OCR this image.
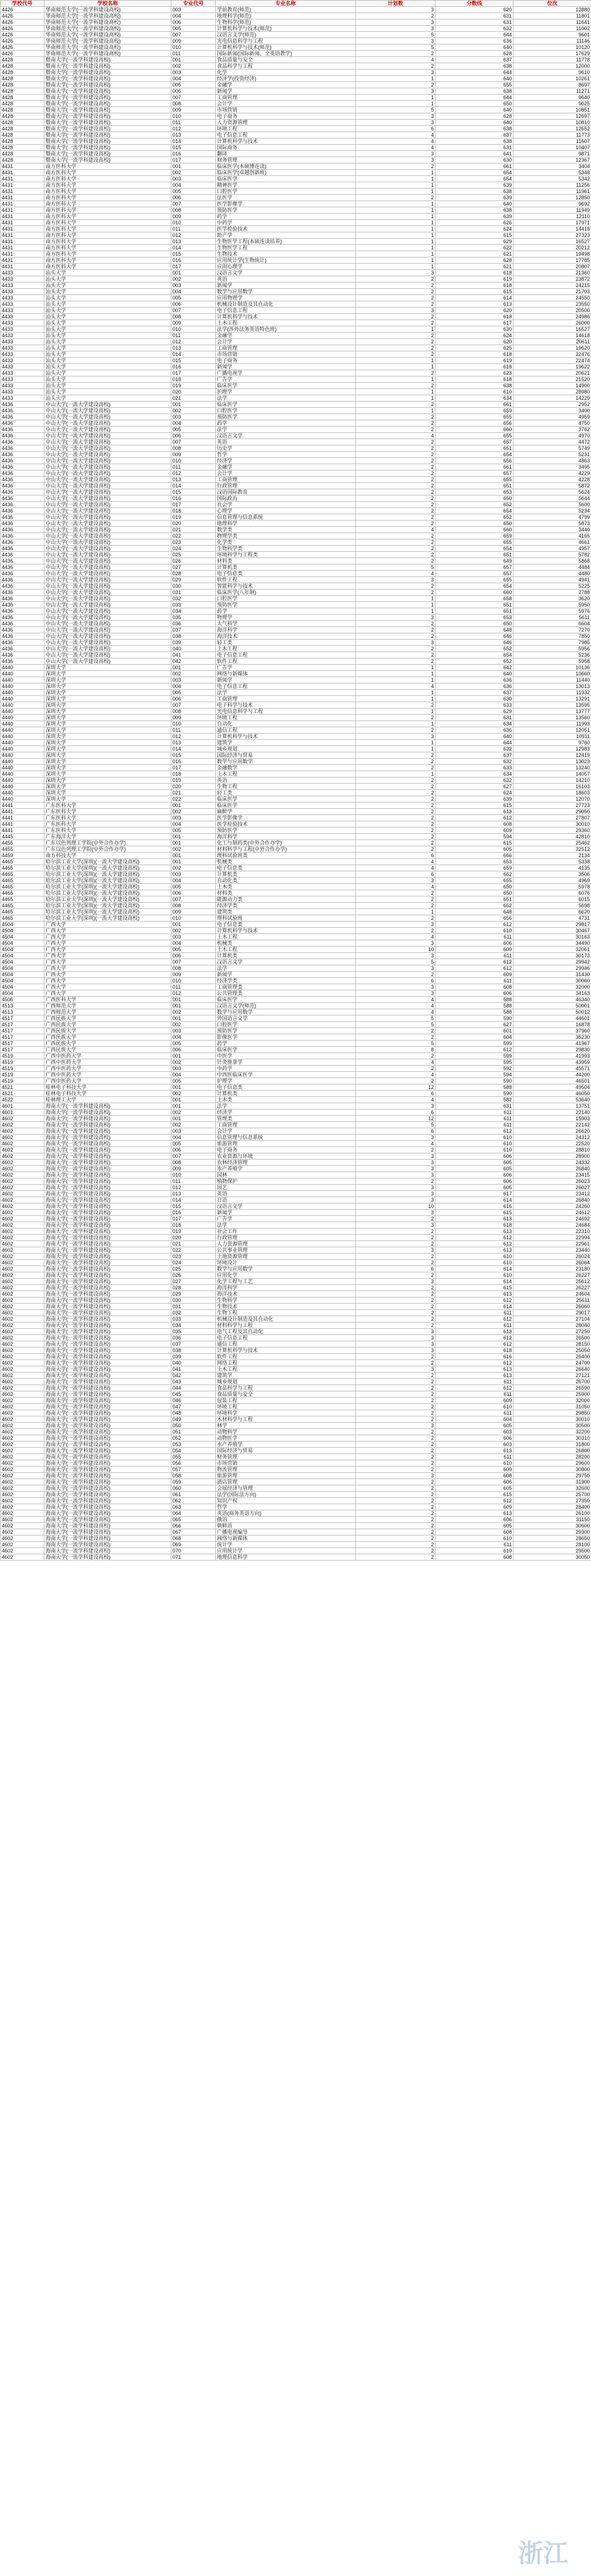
学校代号	学校名称	专业代号	专业名称	计划数	分数线	位次
4426	华南师范大学(一流学科建设高校)	003	学前教育(师范)	3	620	12880
4426	华南师范大学(一流学科建设高校)	004	地理科学(师范)	2	631	11801
4426	华南师范大学(一流学科建设高校)	006	生物科学(师范)	3	631	11641
4426	华南师范大学(一流学科建设高校)	005	计算机科学与技术(师范)	3	632	11002
4426	华南师范大学(一流学科建设高校)	007	汉语言文学(师范)	5	644	9601
4426	华南师范大学(一流学科建设高校)	009	光电信息科学与工程	3	636	11146
4426	华南师范大学(一流学科建设高校)	010	计算机科学与技术(师范)	5	640	10120
4426	华南师范大学(一流学科建设高校)	011	国际新闻(国际新闻、全英语教学)	2	628	17629
4428	暨南大学(一流学科建设高校)	001	食品质量与安全	4	637	11778
4428	暨南大学(一流学科建设高校)	002	食品科学与工程	2	638	12000
4428	暨南大学(一流学科建设高校)	003	化学	3	644	9610
4428	暨南大学(一流学科建设高校)	004	经济学(投资经济)	1	640	10261
4428	暨南大学(一流学科建设高校)	005	金融学	2	655	8697
4428	暨南大学(一流学科建设高校)	006	新闻学	3	638	11271
4428	暨南大学(一流学科建设高校)	007	工商管理	1	644	9640
4428	暨南大学(一流学科建设高校)	008	会计学	1	650	9025
4428	暨南大学(一流学科建设高校)	009	市场营销	5	640	10851
4428	暨南大学(一流学科建设高校)	010	电子商务	3	628	12697
4428	暨南大学(一流学科建设高校)	011	人力资源管理	3	640	10810
4428	暨南大学(一流学科建设高校)	012	环境工程	6	638	12652
4428	暨南大学(一流学科建设高校)	013	电子信息工程	4	637	11773
4428	暨南大学(一流学科建设高校)	014	计算机科学与技术	4	638	11607
4428	暨南大学(一流学科建设高校)	015	国际商务	4	631	10407
4428	暨南大学(一流学科建设高校)	016	翻译	3	641	9871
4428	暨南大学(一流学科建设高校)	017	财务管理	3	630	12367
4431	南方医科大学	001	临床医学(本硕博连读)	2	661	3404
4431	南方医科大学	002	临床医学(卓越创新班)	1	654	5348
4431	南方医科大学	003	临床医学	1	654	5342
4431	南方医科大学	004	精神医学	1	639	11256
4431	南方医科大学	005	口腔医学	1	638	11961
4431	南方医科大学	006	法医学	2	639	12850
4431	南方医科大学	007	医学影像学	1	640	9692
4431	南方医科大学	008	预防医学	1	638	11949
4431	南方医科大学	009	药学	1	639	12110
4431	南方医科大学	010	中药学	1	626	17971
4431	南方医科大学	011	医学检验技术	1	624	14418
4431	南方医科大学	012	助产学	1	615	27323
4431	南方医科大学	013	生物医学工程(本硕连读培养)	1	629	16527
4431	南方医科大学	014	生物医学工程	1	622	20212
4431	南方医科大学	015	生物技术	1	621	19498
4431	南方医科大学	016	应用统计学(生物统计)	1	628	17785
4431	南方医科大学	017	应用心理学	1	621	20807
4433	汕头大学	001	汉语言文学	3	618	21360
4433	汕头大学	002	英语	2	619	23872
4433	汕头大学	003	新闻学	2	618	24215
4433	汕头大学	004	数学与应用数学	2	615	21703
4433	汕头大学	005	应用物理学	2	614	24550
4433	汕头大学	006	机械设计制造及其自动化	2	613	23550
4433	汕头大学	007	电子信息工程	3	620	20500
4433	汕头大学	008	计算机科学与技术	2	618	24986
4433	汕头大学	009	土木工程	2	617	26000
4433	汕头大学	010	法学(涉外法务英语特色班)	1	630	16527
4433	汕头大学	011	金融学	2	624	14618
4433	汕头大学	012	会计学	2	620	20611
4433	汕头大学	013	工商管理	2	625	19620
4433	汕头大学	014	市场营销	2	618	22476
4433	汕头大学	015	电子商务	1	619	22474
4433	汕头大学	016	新闻学	1	618	19622
4433	汕头大学	017	广播电视学	2	623	20621
4433	汕头大学	018	广告学	1	618	21520
4433	汕头大学	019	临床医学	2	638	14900
4433	汕头大学	020	护理学	1	610	28980
4433	汕头大学	021	法学	1	634	14229
4436	中山大学(一流大学建设高校)	001	临床医学	2	661	2952
4436	中山大学(一流大学建设高校)	002	口腔医学	1	659	3400
4436	中山大学(一流大学建设高校)	003	预防医学	2	655	4959
4436	中山大学(一流大学建设高校)	004	药学	2	656	4750
4436	中山大学(一流大学建设高校)	005	法学	2	660	3762
4436	中山大学(一流大学建设高校)	006	汉语言文学	4	655	4970
4436	中山大学(一流大学建设高校)	007	英语	2	657	4472
4436	中山大学(一流大学建设高校)	008	历史学	2	651	5749
4436	中山大学(一流大学建设高校)	009	哲学	2	654	5231
4436	中山大学(一流大学建设高校)	010	经济学	2	656	4863
4436	中山大学(一流大学建设高校)	011	金融学	2	661	3495
4436	中山大学(一流大学建设高校)	012	会计学	2	657	4229
4436	中山大学(一流大学建设高校)	013	工商管理	2	655	4228
4436	中山大学(一流大学建设高校)	014	行政管理	2	651	5872
4436	中山大学(一流大学建设高校)	015	汉语国际教育	2	653	5624
4436	中山大学(一流大学建设高校)	016	国际政治	2	650	5644
4436	中山大学(一流大学建设高校)	017	社会学	2	652	5600
4436	中山大学(一流大学建设高校)	018	心理学	2	654	5234
4436	中山大学(一流大学建设高校)	019	信息管理与信息系统	2	652	4799
4436	中山大学(一流大学建设高校)	020	地理科学	2	650	5873
4436	中山大学(一流大学建设高校)	021	数学类	4	660	3440
4436	中山大学(一流大学建设高校)	022	物理学类	2	659	4165
4436	中山大学(一流大学建设高校)	023	化学类	2	655	4661
4436	中山大学(一流大学建设高校)	024	生物科学类	2	654	4957
4436	中山大学(一流大学建设高校)	025	环境科学与工程类	2	651	5782
4436	中山大学(一流大学建设高校)	026	材料类	2	649	5868
4436	中山大学(一流大学建设高校)	027	计算机类	5	657	4484
4436	中山大学(一流大学建设高校)	028	电子信息类	4	657	4480
4436	中山大学(一流大学建设高校)	029	软件工程	3	655	4941
4436	中山大学(一流大学建设高校)	030	智能科学与技术	2	654	5225
4436	中山大学(一流大学建设高校)	031	临床医学(八年制)	2	660	2788
4436	中山大学(一流大学建设高校)	032	口腔医学	1	658	3620
4436	中山大学(一流大学建设高校)	033	预防医学	1	651	5950
4436	中山大学(一流大学建设高校)	034	药学	1	651	5976
4436	中山大学(一流大学建设高校)	035	物理学	3	653	5611
4436	中山大学(一流大学建设高校)	036	大气科学	2	650	6604
4436	中山大学(一流大学建设高校)	037	海洋科学	2	648	7270
4436	中山大学(一流大学建设高校)	038	海洋技术	2	646	7850
4436	中山大学(一流大学建设高校)	039	轻工类	3	646	7985
4436	中山大学(一流大学建设高校)	040	土木工程	2	652	5956
4436	中山大学(一流大学建设高校)	041	电子信息工程	2	654	5236
4436	中山大学(一流大学建设高校)	042	软件工程	2	652	5958
4440	深圳大学	001	广告学	1	642	10136
4440	深圳大学	002	网络与新媒体	1	640	10660
4440	深圳大学	003	新闻学	1	636	11440
4440	深圳大学	004	电子信息工程	4	636	13013
4440	深圳大学	005	法学	1	637	11932
4440	深圳大学	006	工商管理	1	630	13291
4440	深圳大学	007	电子科学与技术	2	633	13595
4440	深圳大学	008	光电信息科学与工程	1	629	13777
4440	深圳大学	009	环境工程	2	631	13560
4440	深圳大学	010	自动化	1	634	11993
4440	深圳大学	011	通信工程	2	636	12051
4440	深圳大学	012	计算机科学与技术	3	640	10911
4440	深圳大学	013	建筑学	1	644	9760
4440	深圳大学	014	城乡规划	1	632	12983
4440	深圳大学	015	国际经济与贸易	2	637	12419
4440	深圳大学	016	数学与应用数学	2	632	13023
4440	深圳大学	017	金融数学	2	633	13240
4440	深圳大学	018	土木工程	1	634	14057
4440	深圳大学	019	英语	2	632	14210
4440	深圳大学	020	生物工程	2	627	16103
4440	深圳大学	021	轻工类	2	624	18603
4440	深圳大学	022	临床医学	2	639	12070
4441	广东医科大学	001	临床医学	2	615	27723
4441	广东医科大学	002	麻醉学	2	613	29050
4441	广东医科大学	003	医学影像学	2	612	27807
4441	广东医科大学	004	医学检验技术	2	608	30010
4441	广东医科大学	005	预防医学	2	609	29360
4445	广东海洋大学	001	海洋科学	2	594	42810
4455	广东以色列理工学院(中外合作办学)	001	化工与制药类(中外合作办学)	2	615	25462
4455	广东以色列理工学院(中外合作办学)	002	材料科学与工程(中外合作办学)	2	605	32512
4459	南方科技大学	001	理科试验班类	6	666	2134
4465	哈尔滨工业大学(深圳)(一流大学建设高校)	001	机械类	4	653	5338
4465	哈尔滨工业大学(深圳)(一流大学建设高校)	002	电子信息类	4	659	4135
4465	哈尔滨工业大学(深圳)(一流大学建设高校)	003	计算机类	6	662	3506
4465	哈尔滨工业大学(深圳)(一流大学建设高校)	004	自动化类	3	655	4969
4465	哈尔滨工业大学(深圳)(一流大学建设高校)	005	土木类	4	650	5978
4465	哈尔滨工业大学(深圳)(一流大学建设高校)	006	材料类	2	650	6076
4465	哈尔滨工业大学(深圳)(一流大学建设高校)	007	能源动力类	2	651	6015
4465	哈尔滨工业大学(深圳)(一流大学建设高校)	008	经济学类	2	652	5698
4465	哈尔滨工业大学(深圳)(一流大学建设高校)	009	建筑类	1	648	6620
4465	哈尔滨工业大学(深圳)(一流大学建设高校)	010	理科试验班	2	656	4731
4504	广西大学	001	电子信息类	3	612	29817
4504	广西大学	002	计算机科学与技术	2	610	30467
4504	广西大学	003	土木工程	4	611	30163
4504	广西大学	004	机械类	3	606	34490
4504	广西大学	005	土木工程	10	609	32061
4504	广西大学	006	计算机类	3	611	30173
4504	广西大学	007	汉语言文学	5	612	29942
4504	广西大学	008	法学	3	612	29946
4504	广西大学	009	新闻学	2	609	31430
4504	广西大学	010	经济学类	6	611	30060
4504	广西大学	011	工商管理类	3	608	32000
4504	广西大学	012	公共管理类	3	606	34163
4506	广西医科大学	001	临床医学	4	588	46340
4513	广西师范大学	001	汉语言文学(师范)	4	588	50001
4513	广西师范大学	002	数学与应用数学	4	588	50012
4517	广西民族大学	001	外国语言文学	5	590	44601
4517	广西民族大学	002	口腔医学	5	627	16878
4517	广西民族大学	003	预防医学	2	601	37960
4517	广西民族大学	004	影像医学	2	604	35230
4517	广西民族大学	005	药学	5	599	41967
4517	广西民族大学	006	临床医学	8	612	29830
4519	广西中医药大学	001	中医学	2	599	41993
4519	广西中医药大学	002	针灸推拿学	4	595	43959
4519	广西中医药大学	003	中药学	2	592	45571
4519	广西中医药大学	004	中西医临床医学	4	594	44200
4519	广西中医药大学	005	护理学	2	590	46501
4521	桂林电子科技大学	001	电子信息类	12	588	49504
4521	桂林电子科技大学	002	计算机类	6	590	46050
4522	桂林理工大学	001	土木类	4	582	53640
4601	海南大学(一流学科建设高校)	001	法学	3	631	13751
4601	海南大学(一流学科建设高校)	002	经济学	6	611	22140
4602	海南大学(一流学科建设高校)	001	管理类	12	611	15903
4602	海南大学(一流学科建设高校)	002	工商管理	5	611	22142
4602	海南大学(一流学科建设高校)	003	会计学	6	612	26620
4602	海南大学(一流学科建设高校)	004	信息管理与信息系统	3	610	24312
4602	海南大学(一流学科建设高校)	005	旅游管理	4	610	22520
4602	海南大学(一流学科建设高校)	006	电子商务	2	610	28810
4602	海南大学(一流学科建设高校)	007	农业资源与环境	3	606	28900
4602	海南大学(一流学科建设高校)	008	农林经济管理	3	605	24332
4602	海南大学(一流学科建设高校)	009	水产养殖学	3	605	26840
4602	海南大学(一流学科建设高校)	010	园林	3	606	23415
4602	海南大学(一流学科建设高校)	011	植物保护	2	606	26023
4602	海南大学(一流学科建设高校)	012	园艺	3	605	26027
4602	海南大学(一流学科建设高校)	013	英语	3	617	23412
4602	海南大学(一流学科建设高校)	014	日语	3	614	26840
4602	海南大学(一流学科建设高校)	015	汉语言文学	10	616	24260
4602	海南大学(一流学科建设高校)	016	新闻学	3	615	24612
4602	海南大学(一流学科建设高校)	017	广告学	2	613	24692
4602	海南大学(一流学科建设高校)	018	法学	3	618	24684
4602	海南大学(一流学科建设高校)	019	社会工作	2	613	22310
4602	海南大学(一流学科建设高校)	020	行政管理	2	612	22994
4602	海南大学(一流学科建设高校)	021	人力资源管理	2	612	22961
4602	海南大学(一流学科建设高校)	022	公共事业管理	3	613	23440
4602	海南大学(一流学科建设高校)	023	土地资源管理	2	610	26024
4602	海南大学(一流学科建设高校)	024	环境设计	2	610	26064
4602	海南大学(一流学科建设高校)	025	数学与应用数学	6	614	23180
4602	海南大学(一流学科建设高校)	026	应用化学	2	610	26227
4602	海南大学(一流学科建设高校)	027	化学工程与工艺	3	614	25612
4602	海南大学(一流学科建设高校)	028	海洋科学	2	615	26227
4602	海南大学(一流学科建设高校)	029	海洋技术	2	613	24604
4602	海南大学(一流学科建设高校)	030	生物科学	2	612	25611
4602	海南大学(一流学科建设高校)	031	生物技术	2	614	26060
4602	海南大学(一流学科建设高校)	032	生物工程	2	611	29017
4602	海南大学(一流学科建设高校)	033	机械设计制造及其自动化	2	612	27104
4602	海南大学(一流学科建设高校)	034	材料科学与工程	2	611	28040
4602	海南大学(一流学科建设高校)	035	电气工程及其自动化	3	613	27250
4602	海南大学(一流学科建设高校)	036	电子信息工程	3	612	26500
4602	海南大学(一流学科建设高校)	037	通信工程	3	612	28150
4602	海南大学(一流学科建设高校)	038	计算机科学与技术	3	618	25050
4602	海南大学(一流学科建设高校)	039	软件工程	2	616	26400
4602	海南大学(一流学科建设高校)	040	网络工程	2	612	24700
4602	海南大学(一流学科建设高校)	041	土木工程	3	613	26640
4602	海南大学(一流学科建设高校)	042	建筑学	2	613	27121
4602	海南大学(一流学科建设高校)	043	城乡规划	2	611	26700
4602	海南大学(一流学科建设高校)	044	食品科学与工程	2	612	26590
4602	海南大学(一流学科建设高校)	045	食品质量与安全	2	611	25900
4602	海南大学(一流学科建设高校)	046	包装工程	2	609	32000
4602	海南大学(一流学科建设高校)	047	环境工程	2	610	31050
4602	海南大学(一流学科建设高校)	048	环境科学	2	611	29850
4602	海南大学(一流学科建设高校)	049	木材科学与工程	2	604	30010
4602	海南大学(一流学科建设高校)	050	林学	3	605	30500
4602	海南大学(一流学科建设高校)	051	动物科学	2	603	32200
4602	海南大学(一流学科建设高校)	052	动物医学	2	606	30310
4602	海南大学(一流学科建设高校)	053	水产养殖学	2	603	31800
4602	海南大学(一流学科建设高校)	054	国际经济与贸易	2	613	26800
4602	海南大学(一流学科建设高校)	055	财务管理	2	611	28200
4602	海南大学(一流学科建设高校)	056	市场营销	2	610	29600
4602	海南大学(一流学科建设高校)	057	物流管理	2	609	30800
4602	海南大学(一流学科建设高校)	058	旅游管理	3	608	29750
4602	海南大学(一流学科建设高校)	059	酒店管理	2	606	31900
4602	海南大学(一流学科建设高校)	060	会展经济与管理	2	605	32600
4602	海南大学(一流学科建设高校)	061	法学(国际法方向)	2	615	25700
4602	海南大学(一流学科建设高校)	062	知识产权	2	612	27350
4602	海南大学(一流学科建设高校)	063	哲学	2	609	28400
4602	海南大学(一流学科建设高校)	064	英语(商务英语方向)	2	613	26100
4602	海南大学(一流学科建设高校)	065	俄语	2	606	31150
4602	海南大学(一流学科建设高校)	066	朝鲜语	2	605	30600
4602	海南大学(一流学科建设高校)	067	广播电视编导	2	608	29300
4602	海南大学(一流学科建设高校)	068	网络与新媒体	2	610	28650
4602	海南大学(一流学科建设高校)	069	统计学	2	611	28100
4602	海南大学(一流学科建设高校)	070	应用统计学	2	610	29500
4602	海南大学(一流学科建设高校)	071	地理信息科学	2	608	30050
浙江
